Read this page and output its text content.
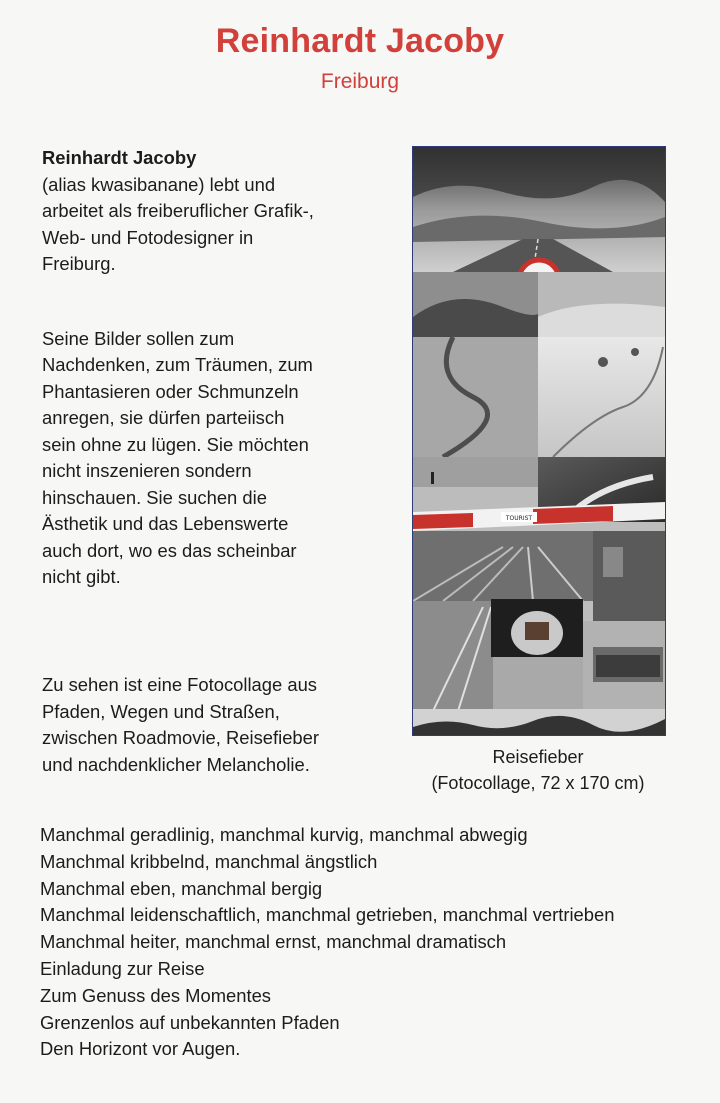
Reinhardt Jacoby
Freiburg

Reinhardt Jacoby

(alias kwasibanane) lebt und
arbeitet als freiberuflicher Grafik-,
Web- und Fotodesigner in
Freiburg.

Seine Bilder sollen zum
Nachdenken, zum Träumen, zum
Phantasieren oder Schmunzeln
anregen, sie dürfen parteiisch
sein ohne zu lügen. Sie möchten
nicht inszenieren sondern
hinschauen. Sie suchen die
Ästhetik und das Lebenswerte
auch dort, wo es das scheinbar
nicht gibt.

Zu sehen ist eine Fotocollage aus
Pfaden, Wegen und Straßen,
zwischen Roadmovie, Reisefieber
und nachdenklicher Melancholie.

TOURIST
Reisefieber
(Fotocollage, 72 x 170 cm)
Manchmal geradlinig, manchmal kurvig, manchmal abwegig
Manchmal kribbelnd, manchmal ängstlich
Manchmal eben, manchmal bergig
Manchmal leidenschaftlich, manchmal getrieben, manchmal vertrieben
Manchmal heiter, manchmal ernst, manchmal dramatisch
Einladung zur Reise
Zum Genuss des Momentes
Grenzenlos auf unbekannten Pfaden
Den Horizont vor Augen.
